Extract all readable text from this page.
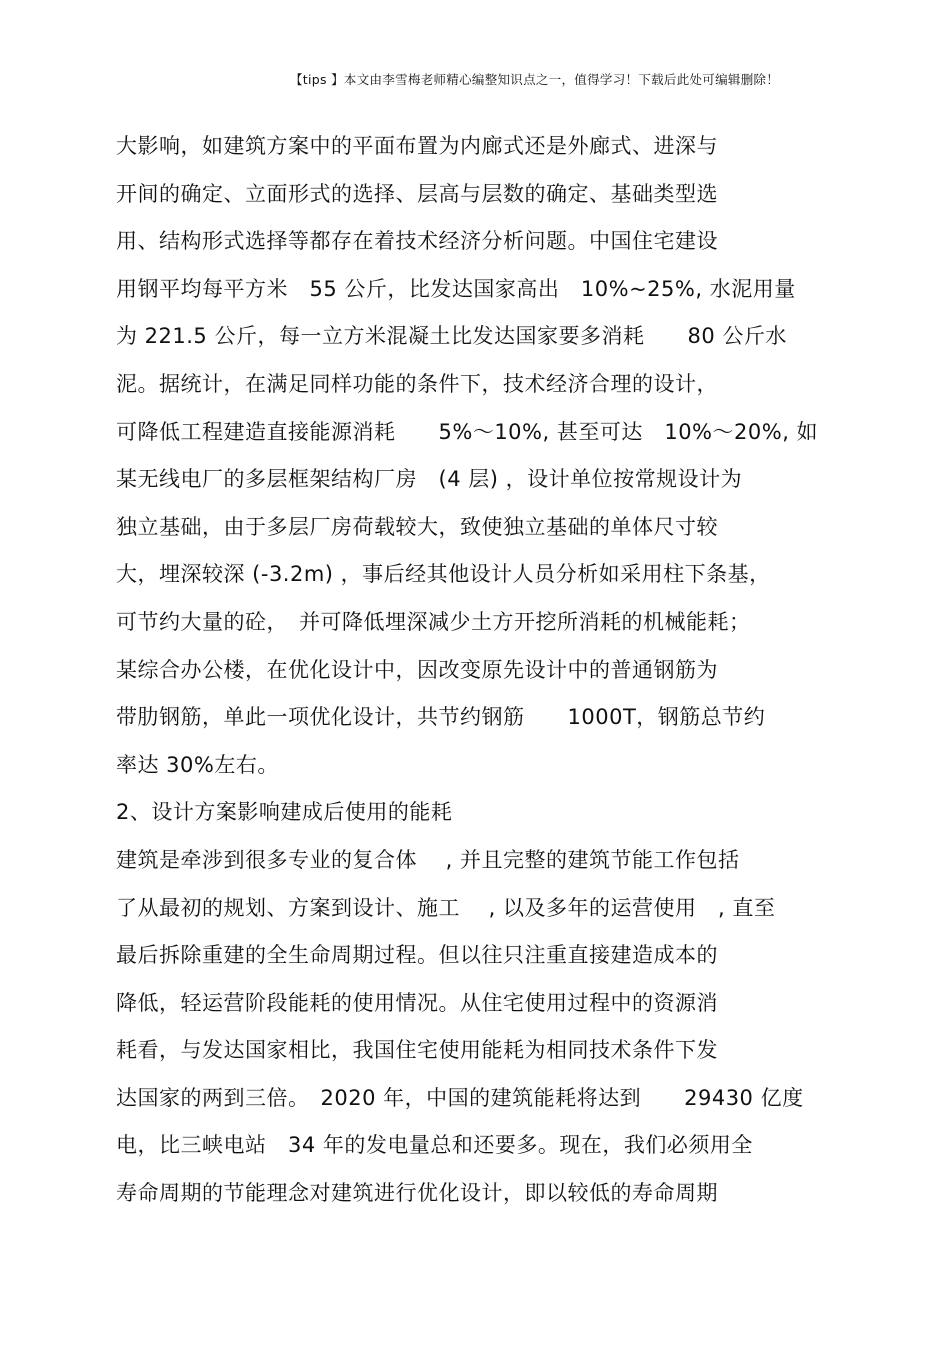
【tips 】本文由李雪梅老师精心编整知识点之一，值得学习！下载后此处可编辑删除！
大影响，如建筑方案中的平面布置为内廊式还是外廊式、进深与
开间的确定、立面形式的选择、层高与层数的确定、基础类型选
用、结构形式选择等都存在着技术经济分析问题。中国住宅建设
用钢平均每平方米　55 公斤，比发达国家高出　10%~25%, 水泥用量
为 221.5 公斤，每一立方米混凝土比发达国家要多消耗　　80 公斤水
泥。据统计，在满足同样功能的条件下，技术经济合理的设计，
可降低工程建造直接能源消耗　　5%～10%, 甚至可达　10%～20%, 如
某无线电厂的多层框架结构厂房　(4 层) ，设计单位按常规设计为
独立基础，由于多层厂房荷载较大，致使独立基础的单体尺寸较
大，埋深较深 (-3.2m) ，事后经其他设计人员分析如采用柱下条基，
可节约大量的砼，　并可降低埋深减少土方开挖所消耗的机械能耗；
某综合办公楼，在优化设计中，因改变原先设计中的普通钢筋为
带肋钢筋，单此一项优化设计，共节约钢筋　　1000T，钢筋总节约
率达 30%左右。
2、设计方案影响建成后使用的能耗
建筑是牵涉到很多专业的复合体　 , 并且完整的建筑节能工作包括
了从最初的规划、方案到设计、施工　 , 以及多年的运营使用　, 直至
最后拆除重建的全生命周期过程。但以往只注重直接建造成本的
降低，轻运营阶段能耗的使用情况。从住宅使用过程中的资源消
耗看，与发达国家相比，我国住宅使用能耗为相同技术条件下发
达国家的两到三倍。　2020 年，中国的建筑能耗将达到　　29430 亿度
电，比三峡电站　34 年的发电量总和还要多。现在，我们必须用全
寿命周期的节能理念对建筑进行优化设计，即以较低的寿命周期
